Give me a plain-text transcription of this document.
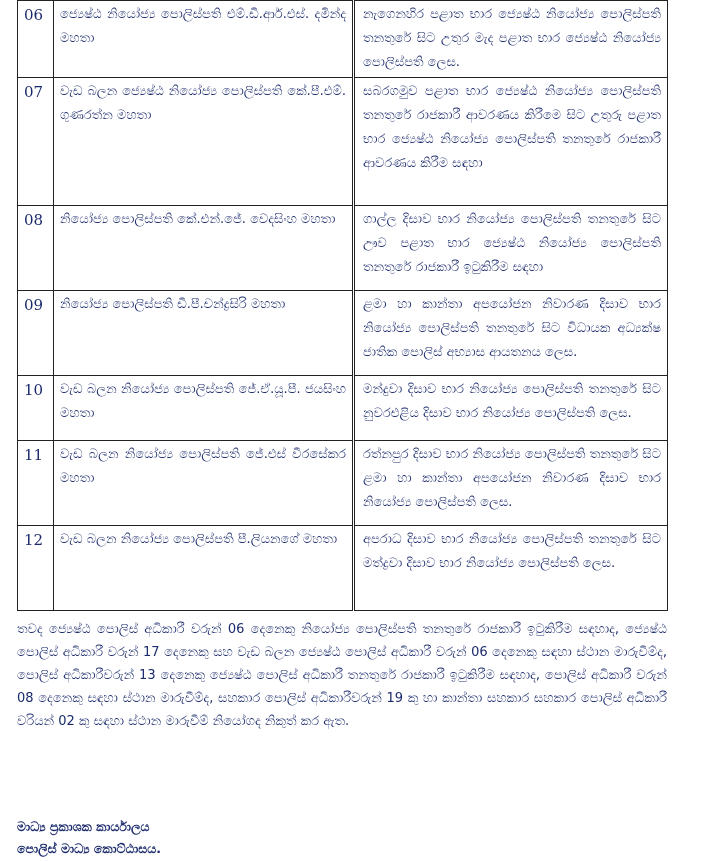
06	ජ්‍යෙෂ්ඨ නියෝජ්‍ය පොලිස්පති එම්.ඩී.ආර්.එස්. දමින්ද මහතා	නැගෙනහිර පළාත භාර ජ්‍යෙෂ්ඨ නියෝජ්‍ය පොලිස්පති තනතුරේ සිට උතුර මැද පළාත භාර ජ්‍යෙෂ්ඨ නියෝජ්‍ය පොලිස්පති ලෙස.
07	වැඩ බලන ජ්‍යෙෂ්ඨ නියෝජ්‍ය පොලිස්පති කේ.පී.එම්. ගුණරත්න මහතා	සබරගමුව පළාත භාර ජ්‍යෙෂ්ඨ නියෝජ්‍ය පොලිස්පති තනතුරේ රාජකාරී ආවරණය කිරීමෙ සිට උතුරු පළාත භාර ජ්‍යෙෂ්ඨ නියෝජ්‍ය පොලිස්පති තනතුරේ රාජකාරී ආවරණය කිරීම සඳහා
08	නියෝජ්‍ය පොලිස්පති කේ.එන්.ජේ. වෙදසිංහ මහතා	ගාල්ල දිසාව භාර නියෝජ්‍ය පොලිස්පති තනතුරේ සිට ඌව පළාත භාර ජ්‍යෙෂ්ඨ නියෝජ්‍ය පොලිස්පති තනතුරේ රාජකාරී ඉටුකිරීම සඳහා
09	නියෝජ්‍ය පොලිස්පති ඩී.පී.චන්ද්‍රසිරි මහතා	ළමා හා කාන්තා අපයෝජන නිවාරණ දිසාව භාර නියෝජ්‍ය පොලිස්පති තනතුරේ සිට විධායක අධ්‍යක්ෂ ජාතික පොලිස් අභ්‍යාස ආයතනය ලෙස.
10	වැඩ බලන නියෝජ්‍ය පොලිස්පති ජේ.ඒ.යූ.පී. ජයසිංහ මහතා	මන්දුවා දිසාව භාර නියෝජ්‍ය පොලිස්පති තනතුරේ සිට නුවරඑළිය දිසාව භාර නියෝජ්‍ය පොලිස්පති ලෙස.
11	වැඩ බලන නියෝජ්‍ය පොලිස්පති ජේ.එස් වීරසේකර මහතා	රත්නපුර දිසාව භාර නියෝජ්‍ය පොලිස්පති තනතුරේ සිට ළමා හා කාන්තා අපයෝජන නිවාරණ දිසාව භාර නියෝජ්‍ය පොලිස්පති ලෙස.
12	වැඩ බලන නියෝජ්‍ය පොලිස්පති පී.ලියනගේ මහතා	අපරාධ දිසාව භාර නියෝජ්‍ය පොලිස්පති තනතුරේ සිට මත්ද්‍රවා දිසාව භාර නියෝජ්‍ය පොලිස්පති ලෙස.
තවද ජ්‍යෙෂ්ඨ පොලිස් අධිකාරී වරුන් 06 දෙනෙකු නියෝජ්‍ය පොලිස්පති තනතුරේ රාජකාරී ඉටුකිරීම සඳහාද, ජ්‍යෙෂ්ඨ පොලිස් අධිකාරී වරුන් 17 දෙනෙකු සහ වැඩ බලන ජ්‍යෙෂ්ඨ පොලිස් අධිකාරී වරුන් 06 දෙනෙකු සඳහා ස්ථාන මාරුවීම්ද, පොලිස් අධිකාරීවරුන් 13 දෙනෙකු ජ්‍යෙෂ්ඨ පොලිස් අධිකාරී තනතුරේ රාජකාරී ඉටුකිරීම සඳහාද, පොලිස් අධිකාරී වරුන් 08 දෙනෙකු සඳහා ස්ථාන මාරුවීම්ද, සහකාර පොලිස් අධිකාරීවරුන් 19 කු හා කාන්තා සහකාර සහකාර පොලිස් අධිකාරී වරියන් 02 කු සඳහා ස්ථාන මාරුවීම් නියෝගද නිකුත් කර ඇත.
මාධ්‍ය ප්‍රකාශක කාර්යාලය
පොලිස් මාධ්‍ය කොට්ඨාසය.
